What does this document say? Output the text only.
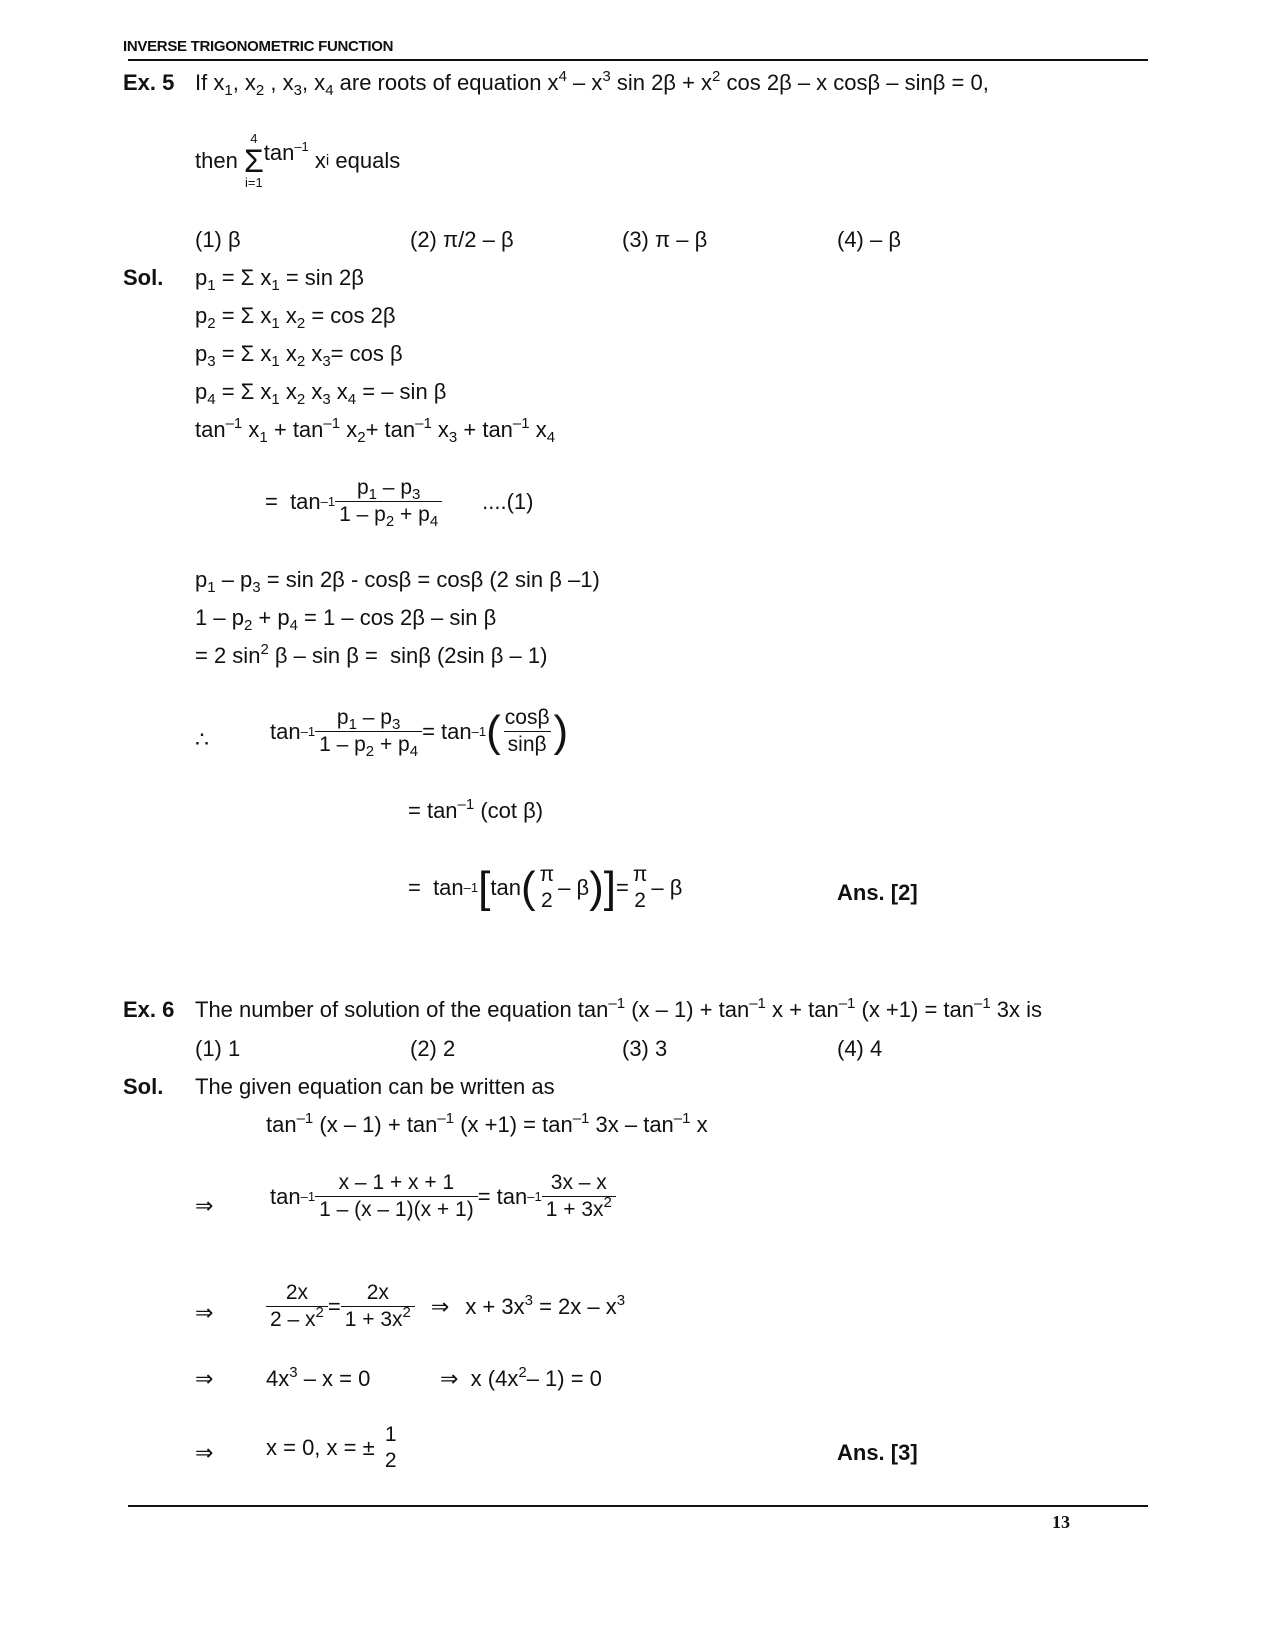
INVERSE TRIGONOMETRIC FUNCTION
Ex. 5 If $x_1$, $x_2$ , $x_3$, $x_4$ are roots of equation $x^4 - x^3$ $\sin 2\beta + x^2$ cos 2β – x cosβ – sinβ = 0,
then

4
Σ
i=1
$\tan^{-1}$
x i
equals
(1) β	(2) π/2 – β	(3) π – β	(4) – β
Sol. $p_1 = \Sigma$ $x_1 = \sin 2\beta$
$p_2 = \Sigma$ $x_1$ $x_2 = \cos 2\beta$
$p_3 = \Sigma$ $x_1$ $x_2$ $x_3= \cos \beta$
$p_4 = \Sigma$ $x_1$ $x_2$ $x_3$ $x_4$ = – sin β
$\tan^{-1} x_1 + \tan^{-1} x_2+ \tan^{-1} x_3 + \tan^{-1} x_4$
=  $\tan -1 \frac{p_1 - p_3}{1 - p_2 + p_4} ....(1)$
$p_1 - p_3 = \sin 2\beta - \cos\beta = \cos\beta$ (2 sin β –1)
$1 - p_2 + p_4 = 1 - \cos 2\beta - \sin \beta$
= 2 $\sin^2 \beta - \sin \beta = \sin\beta$ (2sin β – 1)
∴	$\tan -1 \frac{p_1 - p_3}{1 - p_2 + p_4} = \tan -1$ ( $\frac{\cos\beta}{\sin\beta}$ )
= $\tan^{-1} (\cot$ β)
=  tan –1 [ tan ( π
2
– β ) ] =
π
2
– β	Ans. [2]
Ex. 6 The number of solution of the equation $\tan^{-1} (x - 1) + \tan^{-1} x + \tan^{-1} (x +1) = \tan^{-1} 3x$ is
(1) 1	(2) 2	(3) 3	(4) 4
Sol. The given equation can be written as
$\tan^{-1} (x - 1) + \tan^{-1} (x +1) = \tan^{-1} 3x - \tan^{-1} x$
⇒	$\tan -1 \frac{x - 1 + x + 1}{1 - (x - 1)(x + 1)} = \tan -1 \frac{3x - x}{1 + 3x^2}$
⇒	$\frac{2x}{2 - x^2} = \frac{2x}{1 + 3x^2}$ ⇒ $x + 3x^3 = 2x - x^3$
⇒ $4x^3 - x = 0$	⇒  x ($4x^2-$ 1) = 0
⇒ x = 0, x = ±

1
2	Ans. [3]
13
